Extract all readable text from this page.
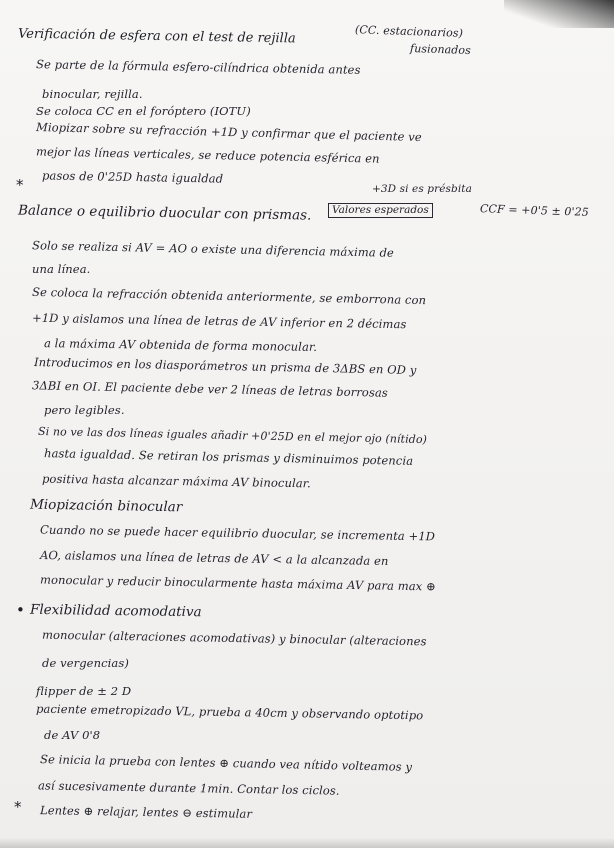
Verificación de esfera con el test de rejilla	(CC. estacionarios)
fusionados
Se parte de la fórmula esfero-cilíndrica obtenida antes
binocular, rejilla.
Se coloca CC en el foróptero (IOTU)
Miopizar sobre su refracción +1D y confirmar que el paciente ve
mejor las líneas verticales, se reduce potencia esférica en
* pasos de 0'25D hasta igualdad
+3D si es présbita
Valores esperados	CCF = +0'5 ± 0'25
Balance o equilibrio duocular con prismas.
Solo se realiza si AV = AO o existe una diferencia máxima de
una línea.
Se coloca la refracción obtenida anteriormente, se emborrona con
+1D y aislamos una línea de letras de AV inferior en 2 décimas
a la máxima AV obtenida de forma monocular.
Introducimos en los diasporámetros un prisma de 3ΔBS en OD y
3ΔBI en OI. El paciente debe ver 2 líneas de letras borrosas
pero legibles.
Si no ve las dos líneas iguales añadir +0'25D en el mejor ojo (nítido)
hasta igualdad. Se retiran los prismas y disminuimos potencia
positiva hasta alcanzar máxima AV binocular.
Miopización binocular
Cuando no se puede hacer equilibrio duocular, se incrementa +1D
AO, aislamos una línea de letras de AV < a la alcanzada en
monocular y reducir binocularmente hasta máxima AV para max ⊕
• Flexibilidad acomodativa
monocular (alteraciones acomodativas) y binocular (alteraciones
de vergencias)
flipper de ± 2 D
paciente emetropizado VL, prueba a 40cm y observando optotipo
de AV 0'8
Se inicia la prueba con lentes ⊕ cuando vea nítido volteamos y
así sucesivamente durante 1min. Contar los ciclos.
* Lentes ⊕ relajar, lentes ⊖ estimular
